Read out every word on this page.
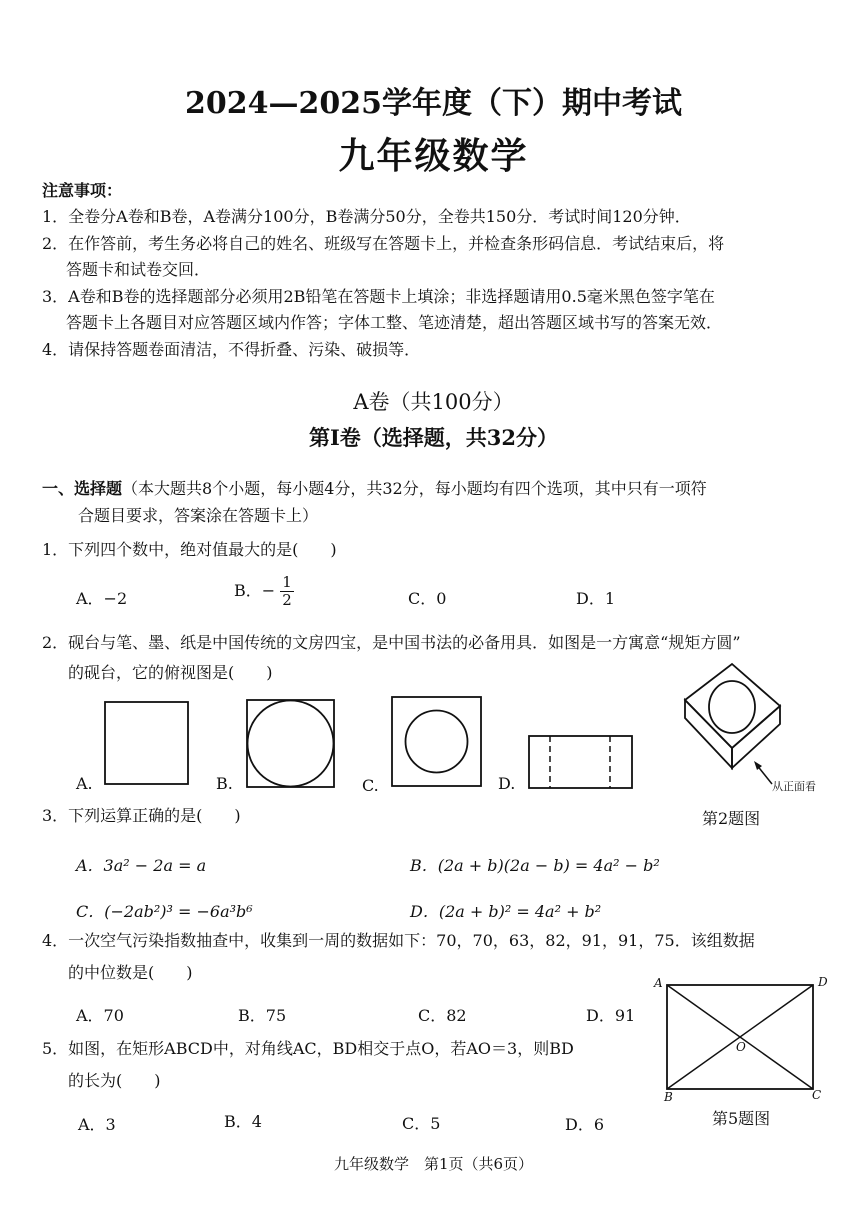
2024—2025学年度（下）期中考试
九年级数学
注意事项：
1．全卷分A卷和B卷，A卷满分100分，B卷满分50分，全卷共150分．考试时间120分钟．
2．在作答前，考生务必将自己的姓名、班级写在答题卡上，并检查条形码信息．考试结束后，将
答题卡和试卷交回．
3．A卷和B卷的选择题部分必须用2B铅笔在答题卡上填涂；非选择题请用0.5毫米黑色签字笔在
答题卡上各题目对应答题区域内作答；字体工整、笔迹清楚，超出答题区域书写的答案无效．
4．请保持答题卷面清洁，不得折叠、污染、破损等．
A卷（共100分）
第Ⅰ卷（选择题，共32分）
一、选择题（本大题共8个小题，每小题4分，共32分，每小题均有四个选项，其中只有一项符
合题目要求，答案涂在答题卡上）
1．下列四个数中，绝对值最大的是(　　)
A．−2	B．− $\frac{1}{2}$	C．0	D．1
2．砚台与笔、墨、纸是中国传统的文房四宝，是中国书法的必备用具．如图是一方寓意“规矩方圆”
的砚台，它的俯视图是(　　)
A.	B.	C.	D.	从正面看
第2题图
3．下列运算正确的是(　　)
A．3a² − 2a = a	B．(2a + b)(2a − b) = 4a² − b²
C．(−2ab²)³ = −6a³b⁶	D．(2a + b)² = 4a² + b²
4．一次空气污染指数抽查中，收集到一周的数据如下：70，70，63，82，91，91，75．该组数据
的中位数是(　　)
A．70	B．75	C．82	D．91
5．如图，在矩形ABCD中，对角线AC，BD相交于点O，若AO＝3，则BD
的长为(　　)
A．3	B．4	C．5	D．6
A	D
B	C
O
第5题图
九年级数学　第1页（共6页）
